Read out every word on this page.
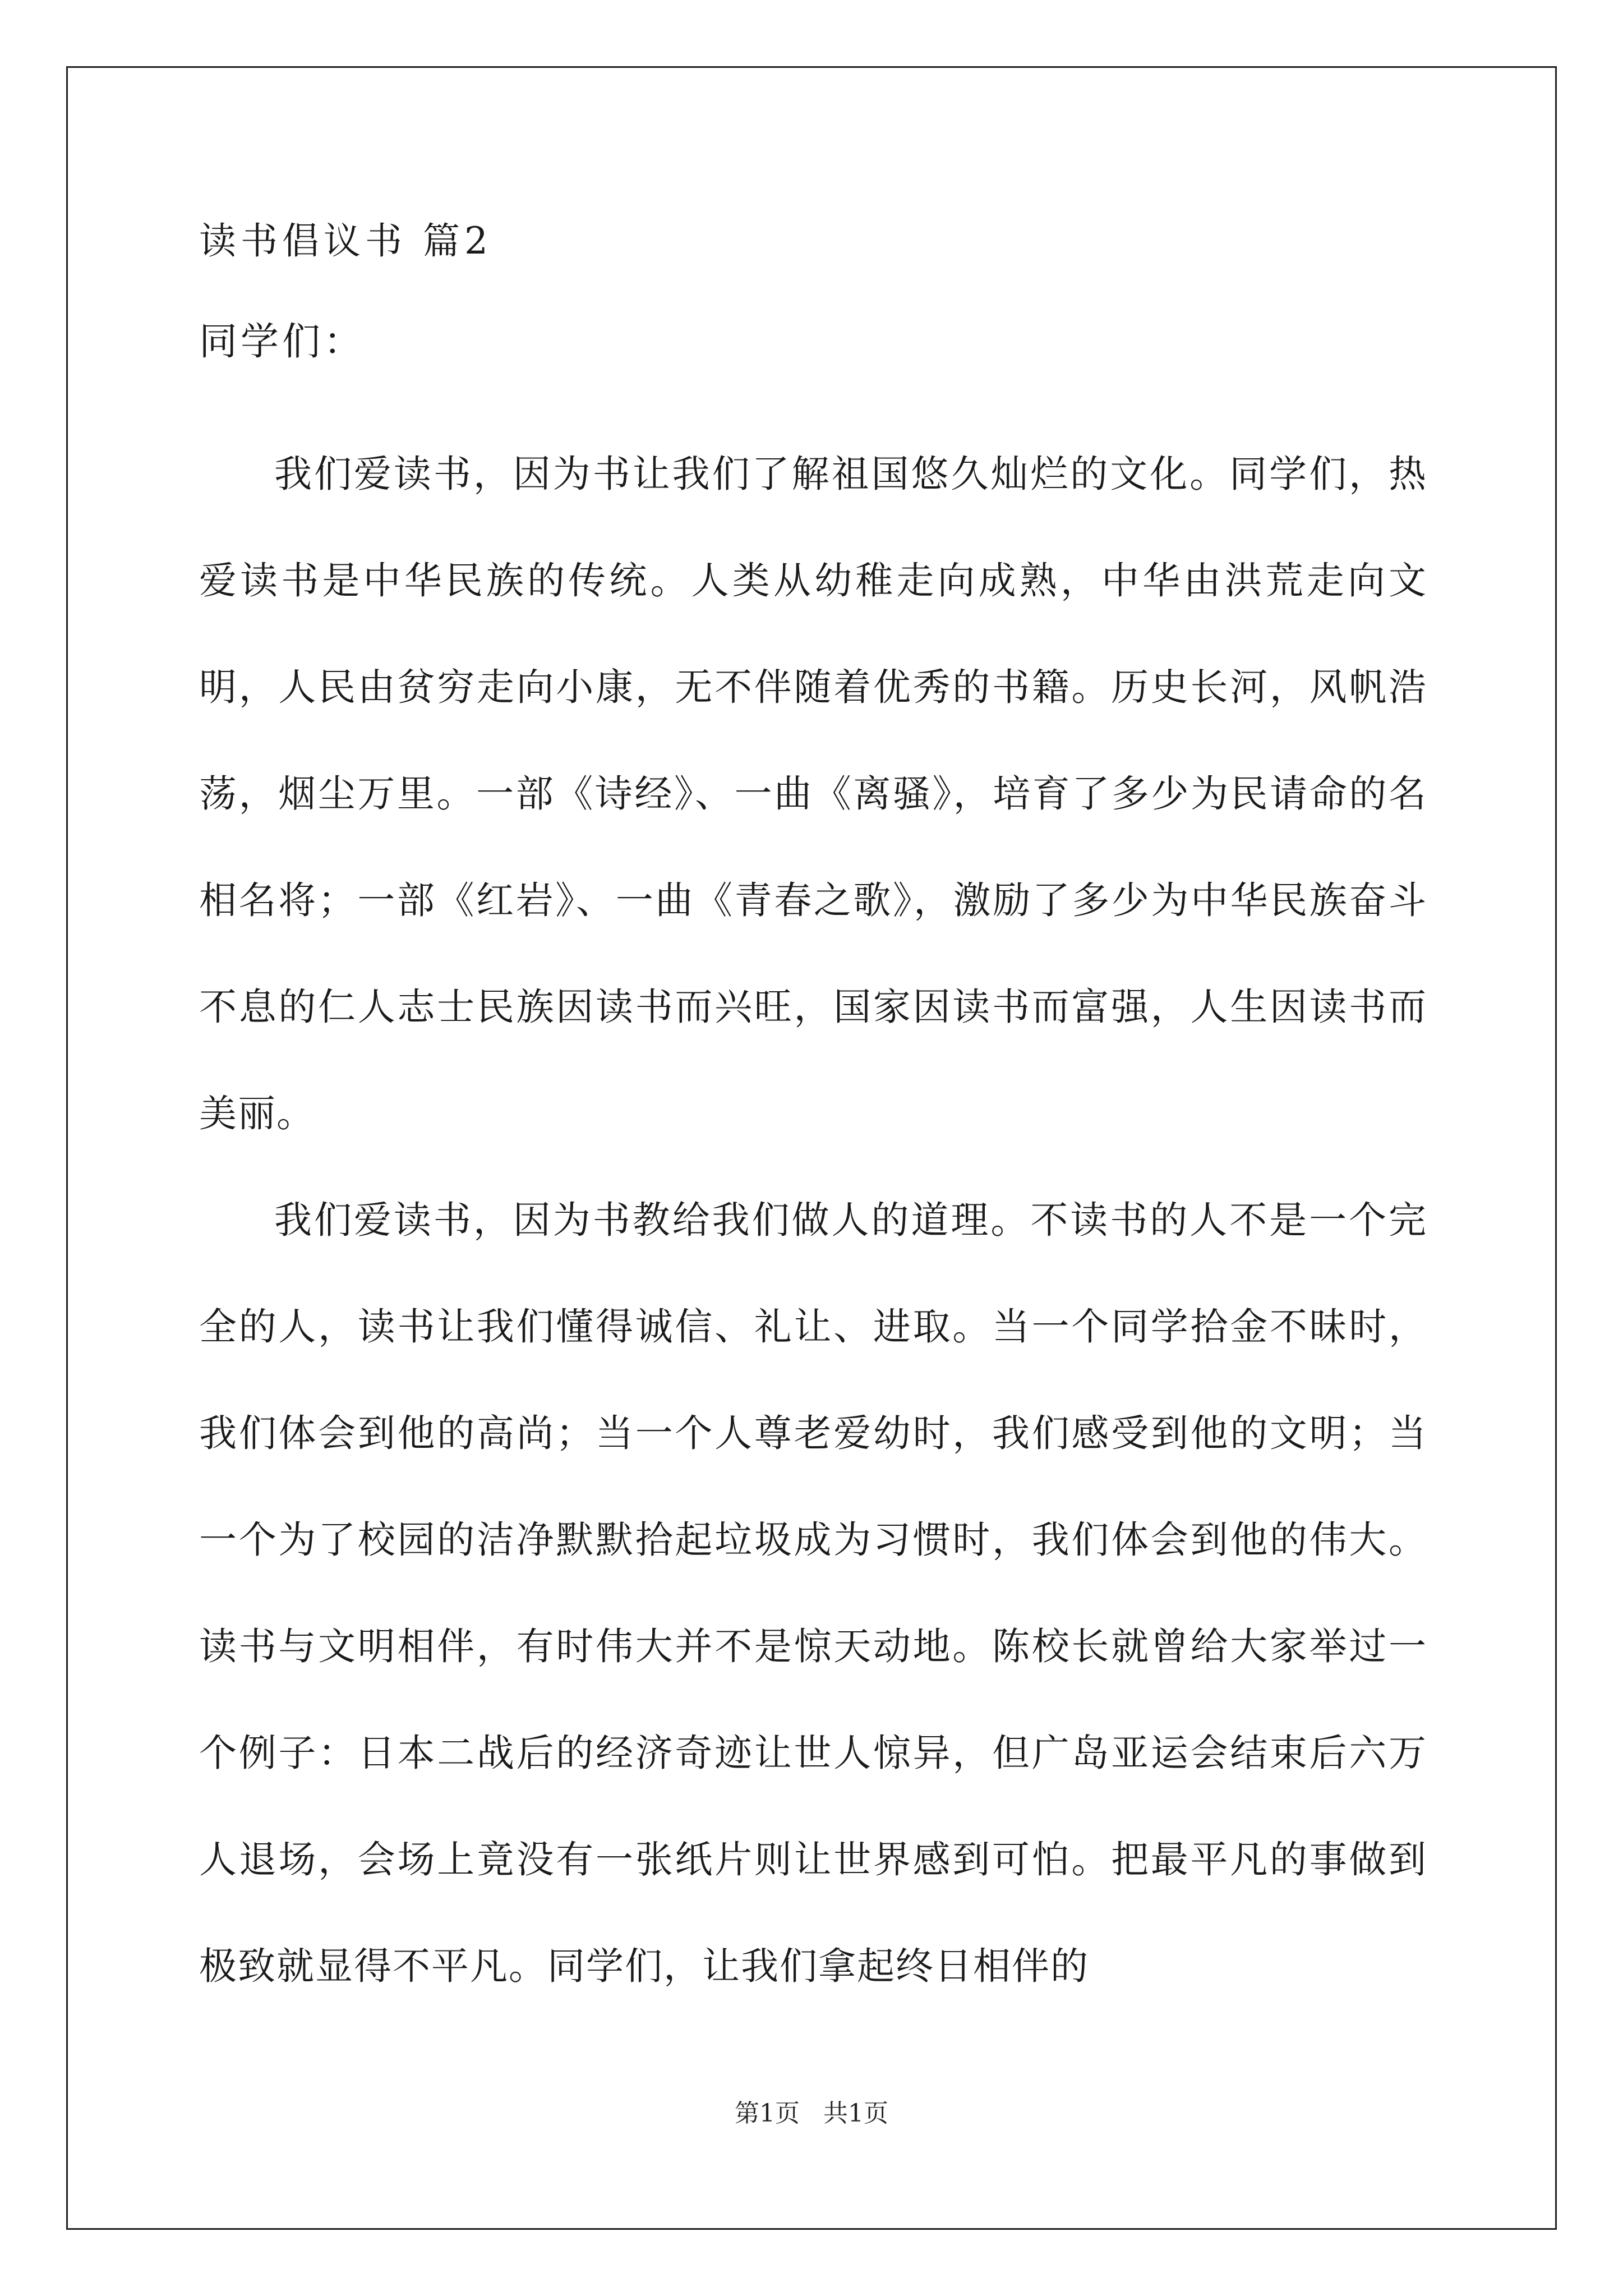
读书倡议书 篇2
同学们：

我们爱读书，因为书让我们了解祖国悠久灿烂的文化。同学们，热爱读书是中华民族的传统。人类从幼稚走向成熟，中华由洪荒走向文明，人民由贫穷走向小康，无不伴随着优秀的书籍。历史长河，风帆浩荡，烟尘万里。一部《诗经》、一曲《离骚》，培育了多少为民请命的名相名将；一部《红岩》、一曲《青春之歌》，激励了多少为中华民族奋斗不息的仁人志士民族因读书而兴旺，国家因读书而富强，人生因读书而美丽。

我们爱读书，因为书教给我们做人的道理。不读书的人不是一个完全的人，读书让我们懂得诚信、礼让、进取。当一个同学拾金不昧时，我们体会到他的高尚；当一个人尊老爱幼时，我们感受到他的文明；当一个为了校园的洁净默默拾起垃圾成为习惯时，我们体会到他的伟大。读书与文明相伴，有时伟大并不是惊天动地。陈校长就曾给大家举过一个例子：日本二战后的经济奇迹让世人惊异，但广岛亚运会结束后六万人退场，会场上竟没有一张纸片则让世界感到可怕。把最平凡的事做到极致就显得不平凡。同学们，让我们拿起终日相伴的

第1页 共1页
